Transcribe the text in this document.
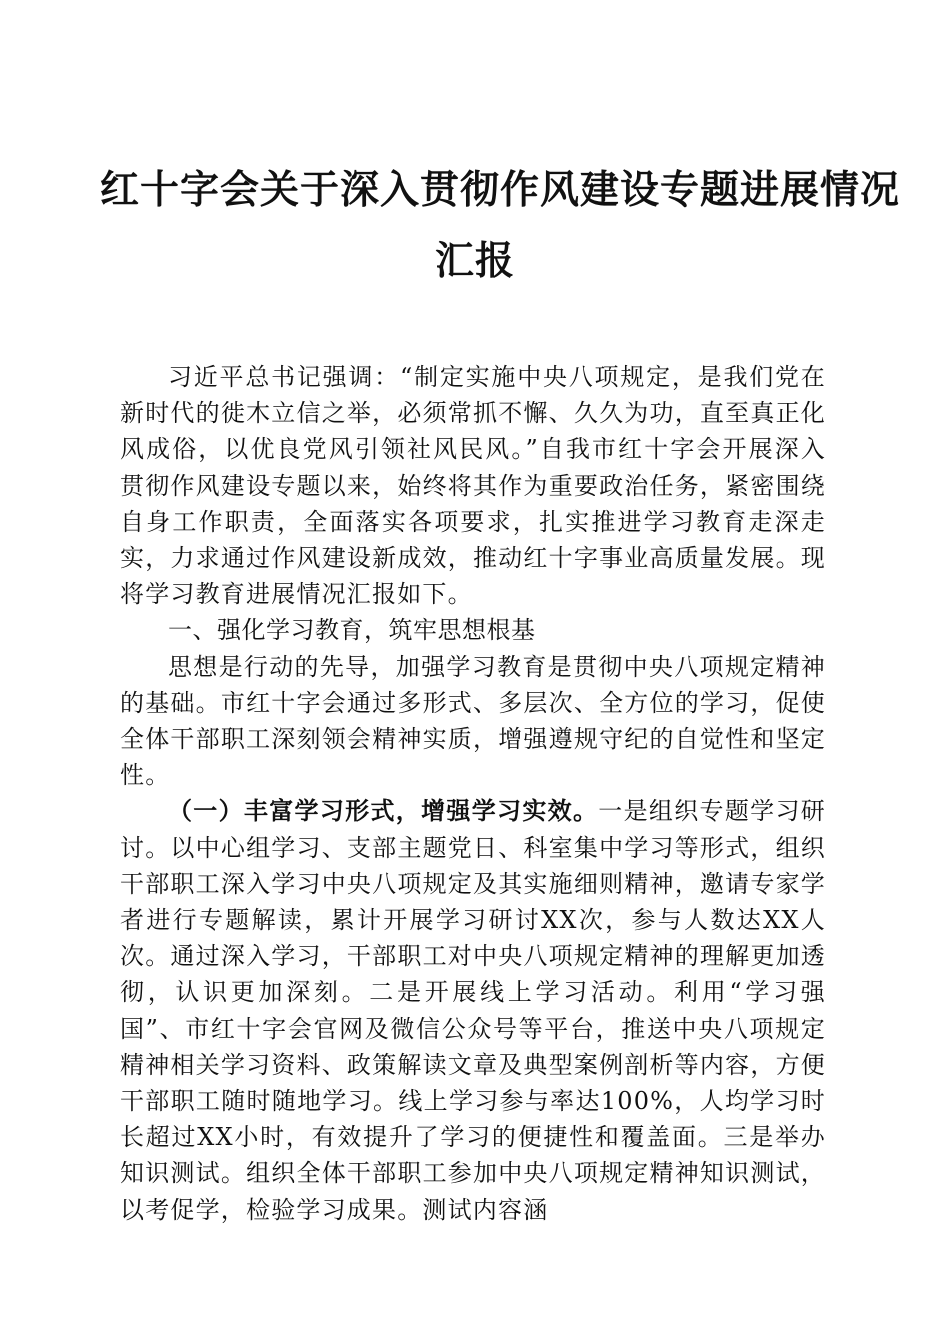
红十字会关于深入贯彻作风建设专题进展情况
汇报

习近平总书记强调：“制定实施中央八项规定，是我们党在新时代的徙木立信之举，必须常抓不懈、久久为功，直至真正化风成俗，以优良党风引领社风民风。”自我市红十字会开展深入贯彻作风建设专题以来，始终将其作为重要政治任务，紧密围绕自身工作职责，全面落实各项要求，扎实推进学习教育走深走实，力求通过作风建设新成效，推动红十字事业高质量发展。现将学习教育进展情况汇报如下。

一、强化学习教育，筑牢思想根基

思想是行动的先导，加强学习教育是贯彻中央八项规定精神的基础。市红十字会通过多形式、多层次、全方位的学习，促使全体干部职工深刻领会精神实质，增强遵规守纪的自觉性和坚定性。

（一）丰富学习形式，增强学习实效。一是组织专题学习研讨。以中心组学习、支部主题党日、科室集中学习等形式，组织干部职工深入学习中央八项规定及其实施细则精神，邀请专家学者进行专题解读，累计开展学习研讨XX次，参与人数达XX人次。通过深入学习，干部职工对中央八项规定精神的理解更加透彻，认识更加深刻。二是开展线上学习活动。利用“学习强国”、市红十字会官网及微信公众号等平台，推送中央八项规定精神相关学习资料、政策解读文章及典型案例剖析等内容，方便干部职工随时随地学习。线上学习参与率达100%，人均学习时长超过XX小时，有效提升了学习的便捷性和覆盖面。三是举办知识测试。组织全体干部职工参加中央八项规定精神知识测试，以考促学，检验学习成果。测试内容涵
